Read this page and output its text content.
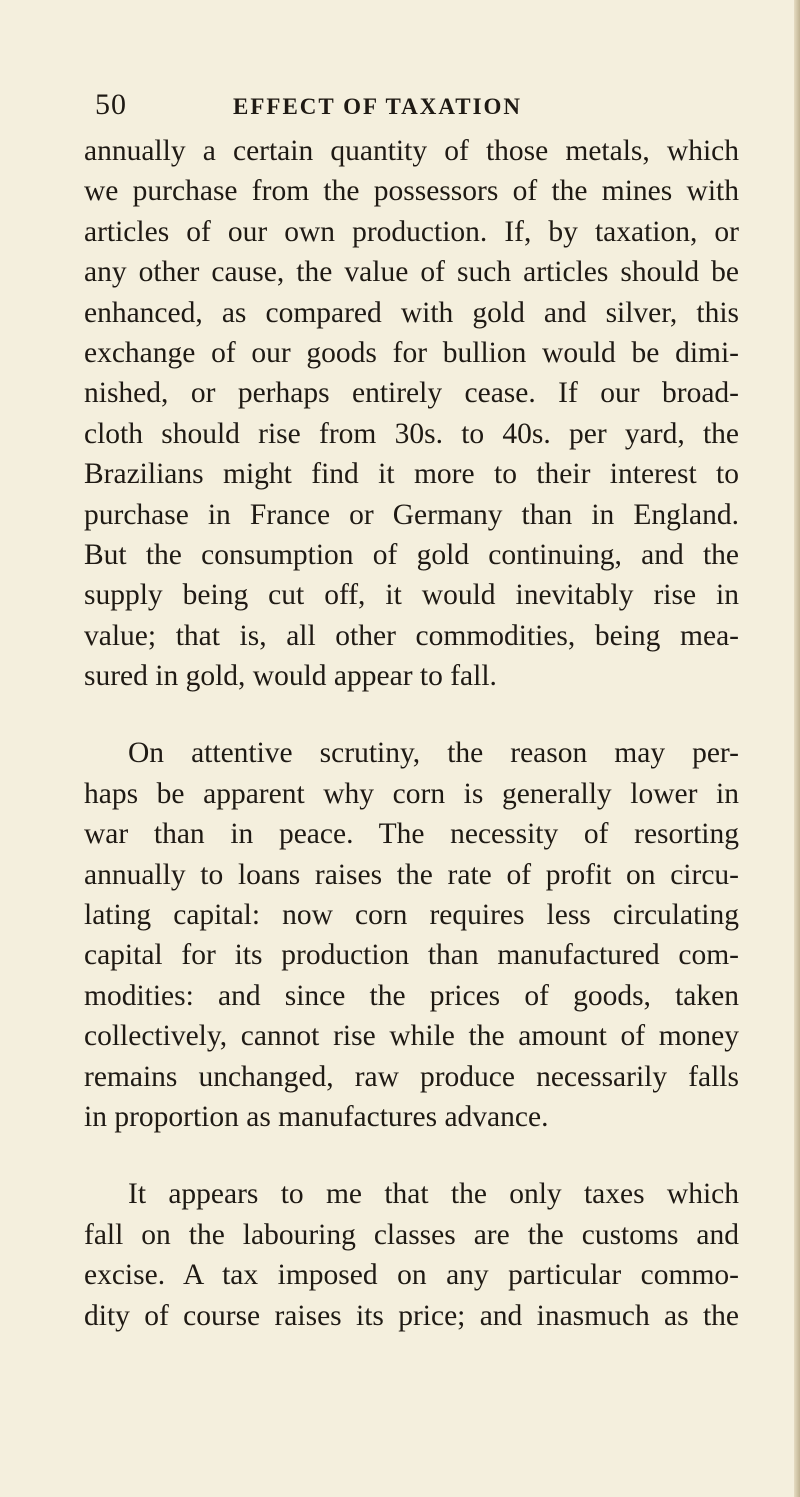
50	EFFECT OF TAXATION
annually a certain quantity of those metals, which
we purchase from the possessors of the mines with
articles of our own production. If, by taxation, or
any other cause, the value of such articles should be
enhanced, as compared with gold and silver, this
exchange of our goods for bullion would be dimi-
nished, or perhaps entirely cease. If our broad-
cloth should rise from 30s. to 40s. per yard, the
Brazilians might find it more to their interest to
purchase in France or Germany than in England.
But the consumption of gold continuing, and the
supply being cut off, it would inevitably rise in
value; that is, all other commodities, being mea-
sured in gold, would appear to fall.
On attentive scrutiny, the reason may per-
haps be apparent why corn is generally lower in
war than in peace. The necessity of resorting
annually to loans raises the rate of profit on circu-
lating capital: now corn requires less circulating
capital for its production than manufactured com-
modities: and since the prices of goods, taken
collectively, cannot rise while the amount of money
remains unchanged, raw produce necessarily falls
in proportion as manufactures advance.
It appears to me that the only taxes which
fall on the labouring classes are the customs and
excise. A tax imposed on any particular commo-
dity of course raises its price; and inasmuch as the
